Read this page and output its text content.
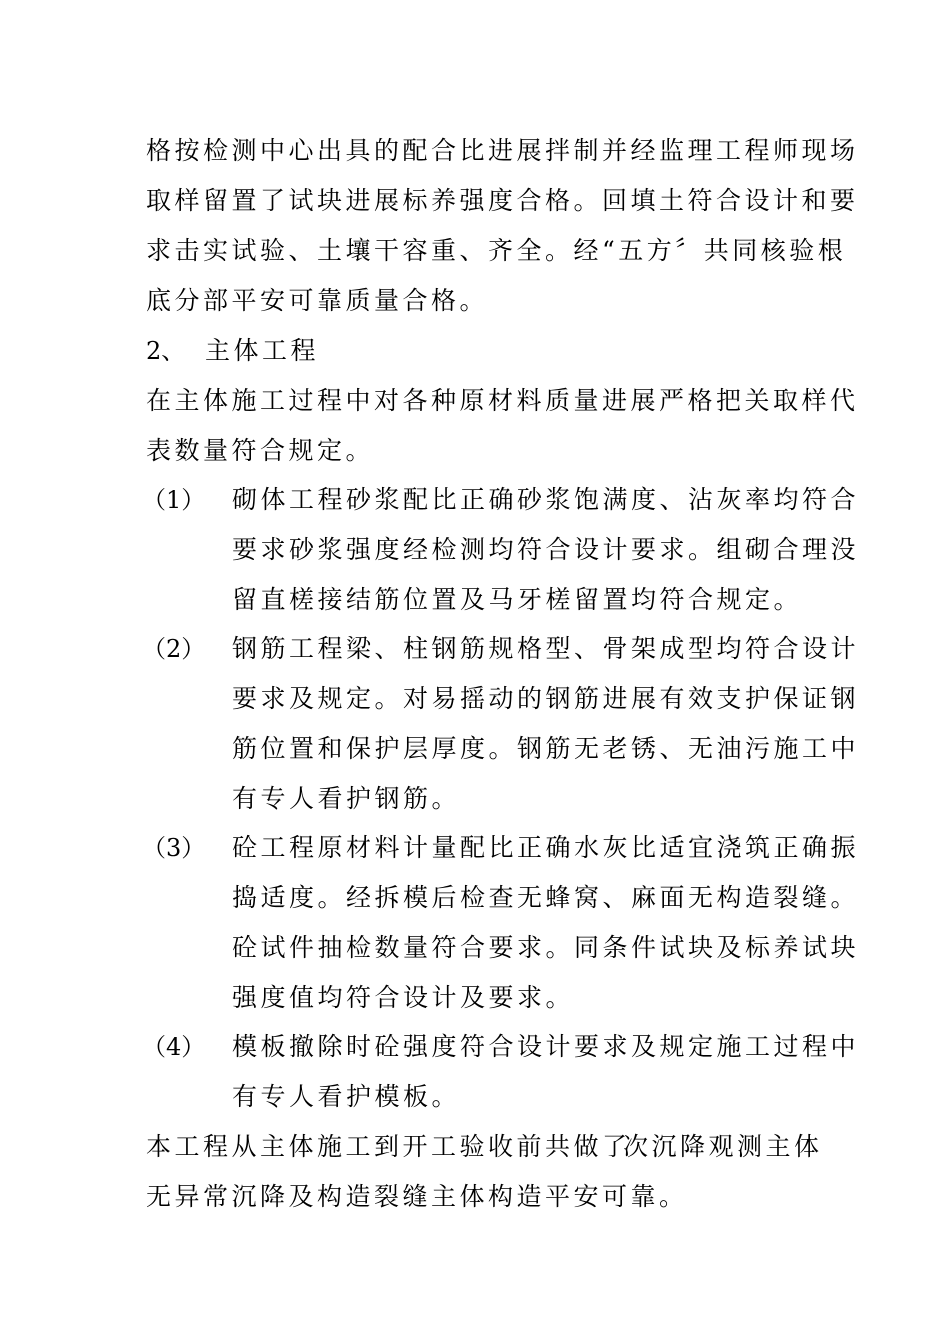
格按检测中心出具的配合比进展拌制并经监理工程师现场
取样留置了试块进展标养强度合格。回填土符合设计和要
求击实试验、土壤干容重、齐全。经“五方〞共同核验根
底分部平安可靠质量合格。
2、 主体工程
在主体施工过程中对各种原材料质量进展严格把关取样代
表数量符合规定。
（1） 砌体工程砂浆配比正确砂浆饱满度、沾灰率均符合
要求砂浆强度经检测均符合设计要求。组砌合理没
留直槎接结筋位置及马牙槎留置均符合规定。
（2） 钢筋工程梁、柱钢筋规格型、骨架成型均符合设计
要求及规定。对易摇动的钢筋进展有效支护保证钢
筋位置和保护层厚度。钢筋无老锈、无油污施工中
有专人看护钢筋。
（3） 砼工程原材料计量配比正确水灰比适宜浇筑正确振
捣适度。经拆模后检查无蜂窝、麻面无构造裂缝。
砼试件抽检数量符合要求。同条件试块及标养试块
强度值均符合设计及要求。
（4） 模板撤除时砼强度符合设计要求及规定施工过程中
有专人看护模板。
本工程从主体施工到开工验收前共做了
次沉降观测主体
无异常沉降及构造裂缝主体构造平安可靠。
